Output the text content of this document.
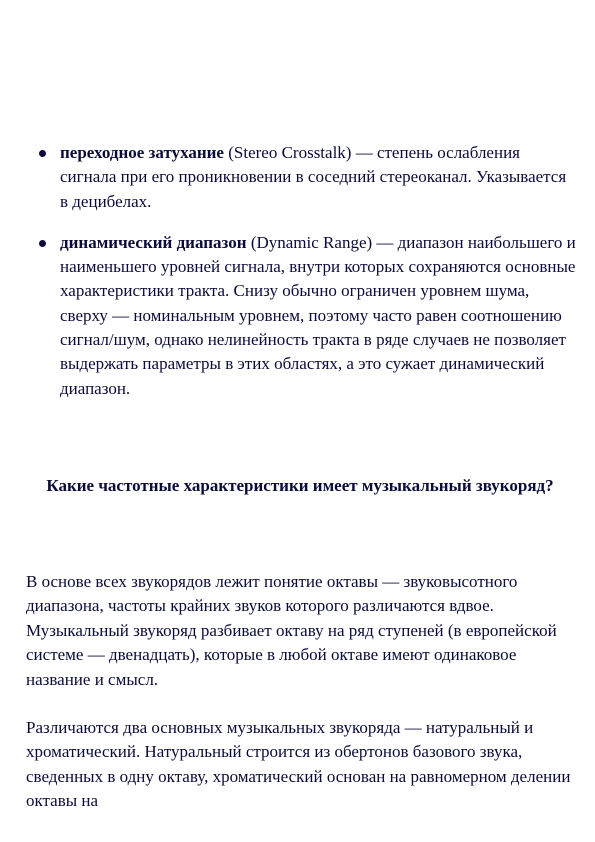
переходное затухание (Stereo Crosstalk) — степень ослабления сигнала при его проникновении в соседний стереоканал. Указывается в децибелах.
динамический диапазон (Dynamic Range) — диапазон наибольшего и наименьшего уровней сигнала, внутри которых сохраняются основные характеристики тракта. Снизу обычно ограничен уровнем шума, сверху — номинальным уровнем, поэтому часто равен соотношению сигнал/шум, однако нелинейность тракта в ряде случаев не позволяет выдержать параметры в этих областях, а это сужает динамический диапазон.
Какие частотные характеристики имеет музыкальный звукоряд?

В основе всех звукорядов лежит понятие октавы — звуковысотного диапазона, частоты крайних звуков которого различаются вдвое. Музыкальный звукоряд разбивает октаву на ряд ступеней (в европейской системе — двенадцать), которые в любой октаве имеют одинаковое название и смысл.

Различаются два основных музыкальных звукоряда — натуральный и хроматический. Натуральный строится из обертонов базового звука, сведенных в одну октаву, хроматический основан на равномерном делении октавы на
